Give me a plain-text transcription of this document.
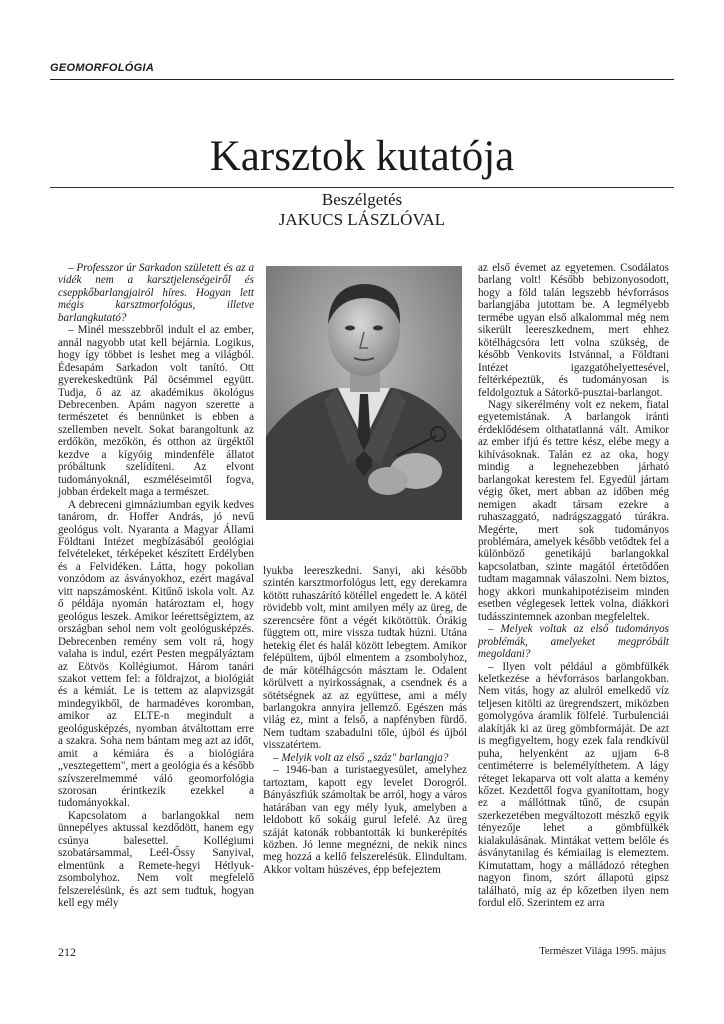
GEOMORFOLÓGIA
Karsztok kutatója
Beszélgetés
JAKUCS LÁSZLÓVAL

– Professzor úr Sarkadon született és az a vidék nem a karsztjelenségeiről és cseppkőbarlangjairól híres. Hogyan lett mégis karsztmorfológus, illetve barlangkutató?

– Minél messzebbről indult el az ember, annál nagyobb utat kell bejárnia. Logikus, hogy így többet is leshet meg a világból. Édesapám Sarkadon volt tanító. Ott gyerekeskedtünk Pál öcsémmel együtt. Tudja, ő az az akadémikus ökológus Debrecenben. Apám nagyon szerette a természetet és bennünket is ebben a szellemben nevelt. Sokat barangoltunk az erdőkön, mezőkön, és otthon az ürgéktől kezdve a kígyóig mindenféle állatot próbáltunk szelídíteni. Az elvont tudományoknál, eszméléseimtől fogva, jobban érdekelt maga a természet.

A debreceni gimnáziumban egyik kedves tanárom, dr. Hoffer András, jó nevű geológus volt. Nyaranta a Magyar Állami Földtani Intézet megbízásából geológiai felvételeket, térképeket készített Erdélyben és a Felvidéken. Látta, hogy pokolian vonzódom az ásványokhoz, ezért magával vitt napszámosként. Kitűnő iskola volt. Az ő példája nyomán határoztam el, hogy geológus leszek. Amikor leérettségiztem, az országban sehol nem volt geológusképzés. Debrecenben remény sem volt rá, hogy valaha is indul, ezért Pesten megpályáztam az Eötvös Kollégiumot. Három tanári szakot vettem fel: a földrajzot, a biológiát és a kémiát. Le is tettem az alapvizsgát mindegyikből, de harmadéves koromban, amikor az ELTE-n megindult a geológusképzés, nyomban átváltottam erre a szakra. Soha nem bántam meg azt az időt, amit a kémiára és a biológiára „vesztegettem", mert a geológia és a később szívszerelmemmé váló geomorfológia szorosan érintkezik ezekkel a tudományokkal.

Kapcsolatom a barlangokkal nem ünnepélyes aktussal kezdődött, hanem egy csúnya balesettel. Kollégiumi szobatársammal, Leél-Őssy Sanyival, elmentünk a Remete-hegyi Hétlyuk-zsombolyhoz. Nem volt megfelelő felszerelésünk, és azt sem tudtuk, hogyan kell egy mély

lyukba leereszkedni. Sanyi, aki később szintén karsztmorfológus lett, egy derekamra kötött ruhaszárító kötéllel engedett le. A kötél rövidebb volt, mint amilyen mély az üreg, de szerencsére fönt a végét kikötöttük. Órákig függtem ott, mire vissza tudtak húzni. Utána hetekig élet és halál között lebegtem. Amikor felépültem, újból elmentem a zsombolyhoz, de már kötélhágcsón másztam le. Odalent körülvett a nyirkosságnak, a csendnek és a sötétségnek az az együttese, ami a mély barlangokra annyira jellemző. Egészen más világ ez, mint a felső, a napfényben fürdő. Nem tudtam szabadulni tőle, újból és újból visszatértem.

– Melyik volt az első „száz" barlangja?

– 1946-ban a turistaegyesület, amelyhez tartoztam, kapott egy levelet Dorogról. Bányászfiúk számoltak be arról, hogy a város határában van egy mély lyuk, amelyben a leldobott kő sokáig gurul lefelé. Az üreg száját katonák robbantották ki bunkerépítés közben. Jó lenne megnézni, de nekik nincs meg hozzá a kellő felszerelésük. Elindultam. Akkor voltam húszéves, épp befejeztem

az első évemet az egyetemen. Csodálatos barlang volt! Később bebizonyosodott, hogy a föld talán legszebb hévforrásos barlangjába jutottam be. A legmélyebb termébe ugyan első alkalommal még nem sikerült leereszkednem, mert ehhez kötélhágcsóra lett volna szükség, de később Venkovits Istvánnal, a Földtani Intézet igazgatóhelyettesével, feltérképeztük, és tudományosan is feldolgoztuk a Sátorkő-pusztai-barlangot.

Nagy sikerélmény volt ez nekem, fiatal egyetemistának. A barlangok iránti érdeklődésem olthatatlanná vált. Amikor az ember ifjú és tettre kész, elébe megy a kihívásoknak. Talán ez az oka, hogy mindig a legnehezebben járható barlangokat kerestem fel. Egyedül jártam végig őket, mert abban az időben még nemigen akadt társam ezekre a ruhaszaggató, nadrágszaggató túrákra. Megérte, mert sok tudományos problémára, amelyek később vetődtek fel a különböző genetikájú barlangokkal kapcsolatban, szinte magától értetődően tudtam magamnak válaszolni. Nem biztos, hogy akkori munkahipotéziseim minden esetben véglegesek lettek volna, diákkori tudásszintemnek azonban megfeleltek.

– Melyek voltak az első tudományos problémák, amelyeket megpróbált megoldani?

– Ilyen volt például a gömbfülkék keletkezése a hévforrásos barlangokban. Nem vitás, hogy az alulról emelkedő víz teljesen kitölti az üregrendszert, miközben gomolygóva áramlik fölfelé. Turbulenciái alakítják ki az üreg gömbformáját. De azt is megfigyeltem, hogy ezek fala rendkívül puha, helyenként az ujjam 6-8 centiméterre is belemélyíthetem. A lágy réteget lekaparva ott volt alatta a kemény kőzet. Kezdettől fogva gyanítottam, hogy ez a mállóttnak tűnő, de csupán szerkezetében megváltozott mészkő egyik tényezője lehet a gömbfülkék kialakulásának. Mintákat vettem belőle és ásványtanilag és kémiailag is elemeztem. Kimutattam, hogy a málládozó rétegben nagyon finom, szórt állapotú gipsz található, míg az ép kőzetben ilyen nem fordul elő. Szerintem ez arra

212	Természet Világa 1995. május
